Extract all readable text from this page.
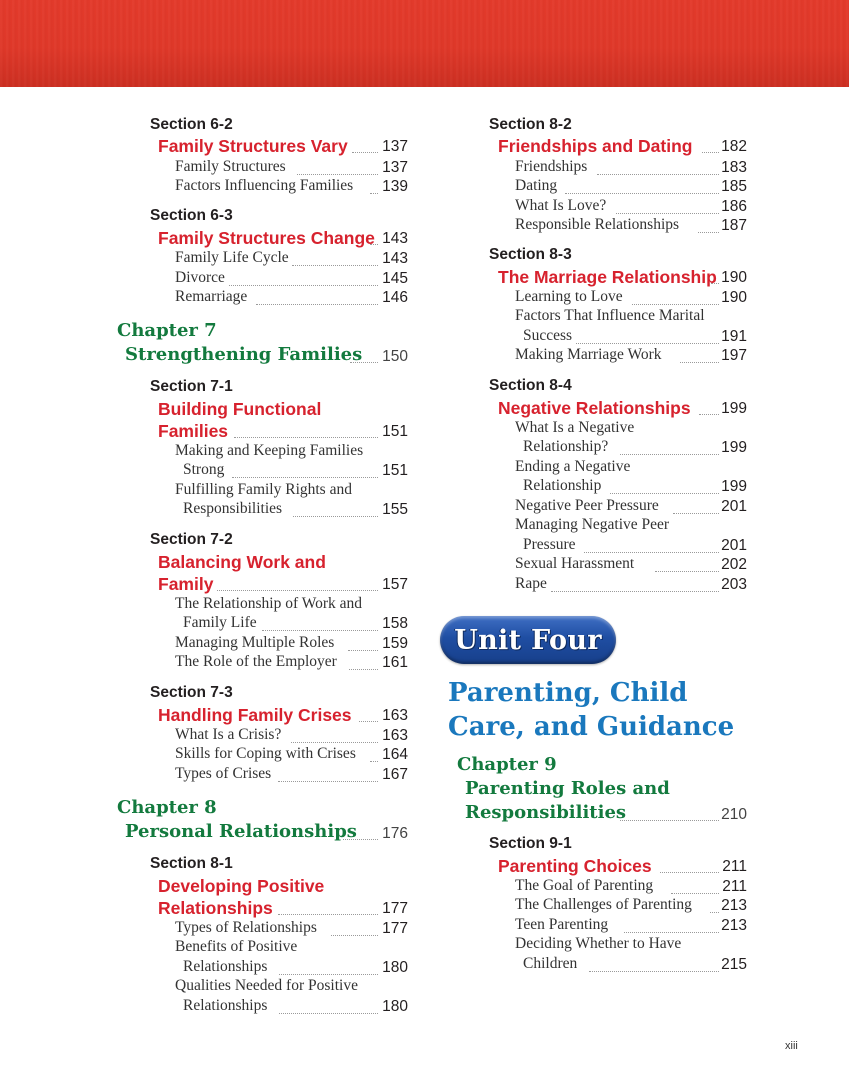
Section 6-2
Family Structures Vary 137
Family Structures	137
Factors Influencing Families 139
Section 6-3
Family Structures Change 143
Family Life Cycle	143
Divorce	145
Remarriage	146
Chapter 7
Strengthening Families 150
Section 7-1
Building Functional
Families	151
Making and Keeping Families
Strong	151
Fulfilling Family Rights and
Responsibilities	155
Section 7-2
Balancing Work and
Family	157
The Relationship of Work and
Family Life	158
Managing Multiple Roles	159
The Role of the Employer	161
Section 7-3
Handling Family Crises 163
What Is a Crisis?	163
Skills for Coping with Crises 164
Types of Crises	167
Chapter 8
Personal Relationships 176
Section 8-1
Developing Positive
Relationships	177
Types of Relationships	177
Benefits of Positive
Relationships	180
Qualities Needed for Positive
Relationships	180
Section 8-2
Friendships and Dating 182
Friendships	183
Dating	185
What Is Love?	186
Responsible Relationships	187
Section 8-3
The Marriage Relationship 190
Learning to Love	190
Factors That Influence Marital
Success	191
Making Marriage Work	197
Section 8-4
Negative Relationships 199
What Is a Negative
Relationship?	199
Ending a Negative
Relationship	199
Negative Peer Pressure	201
Managing Negative Peer
Pressure	201
Sexual Harassment	202
Rape	203
Unit Four
Parenting, Child
Care, and Guidance
Chapter 9
Parenting Roles and
Responsibilities	210
Section 9-1
Parenting Choices	211
The Goal of Parenting	211
The Challenges of Parenting 213
Teen Parenting	213
Deciding Whether to Have
Children	215
xiii
